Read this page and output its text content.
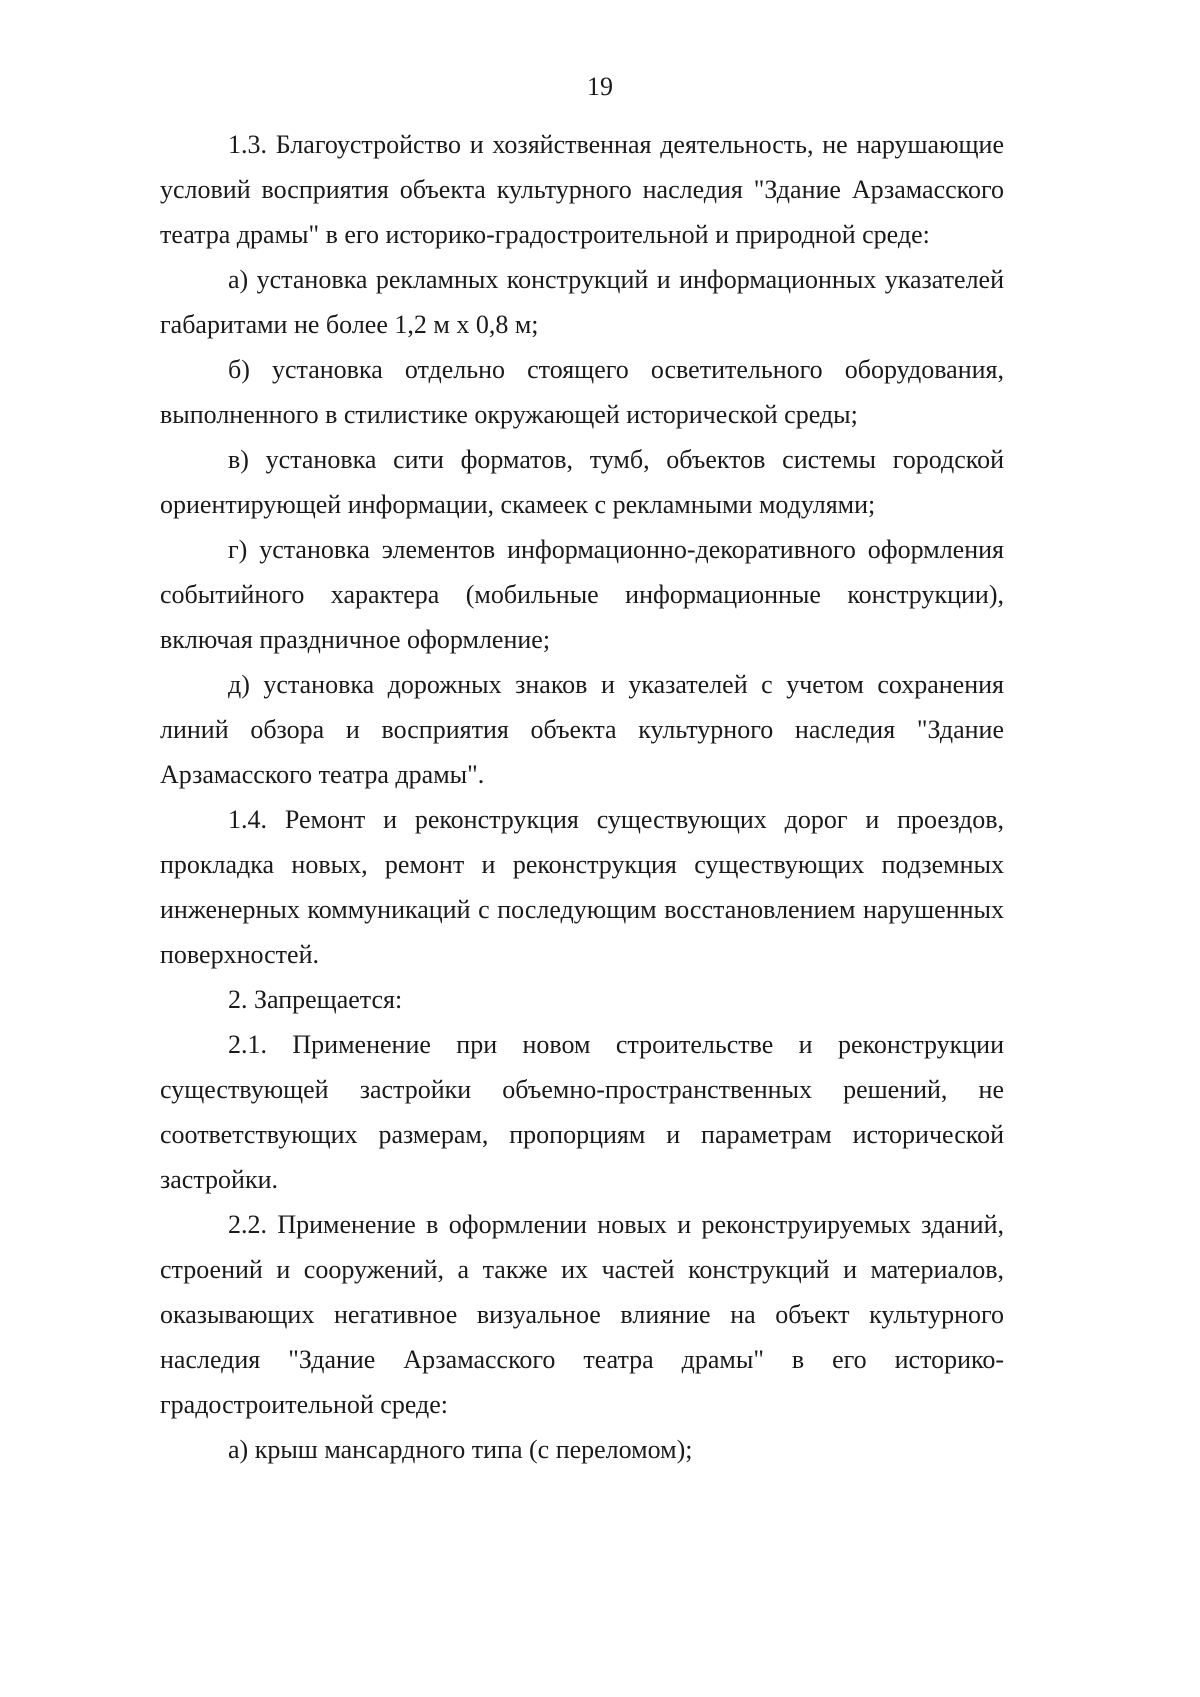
19

1.3. Благоустройство и хозяйственная деятельность, не нарушающие условий восприятия объекта культурного наследия "Здание Арзамасского театра драмы" в его историко-градостроительной и природной среде:

а) установка рекламных конструкций и информационных указателей габаритами не более 1,2 м х 0,8 м;

б) установка отдельно стоящего осветительного оборудования, выполненного в стилистике окружающей исторической среды;

в) установка сити форматов, тумб, объектов системы городской ориентирующей информации, скамеек с рекламными модулями;

г) установка элементов информационно-декоративного оформления событийного характера (мобильные информационные конструкции), включая праздничное оформление;

д) установка дорожных знаков и указателей с учетом сохранения линий обзора и восприятия объекта культурного наследия "Здание Арзамасского театра драмы".

1.4. Ремонт и реконструкция существующих дорог и проездов, прокладка новых, ремонт и реконструкция существующих подземных инженерных коммуникаций с последующим восстановлением нарушенных поверхностей.

2. Запрещается:

2.1. Применение при новом строительстве и реконструкции существующей застройки объемно-пространственных решений, не соответствующих размерам, пропорциям и параметрам исторической застройки.

2.2. Применение в оформлении новых и реконструируемых зданий, строений и сооружений, а также их частей конструкций и материалов, оказывающих негативное визуальное влияние на объект культурного наследия "Здание Арзамасского театра драмы" в его историко-градостроительной среде:

а) крыш мансардного типа (с переломом);
